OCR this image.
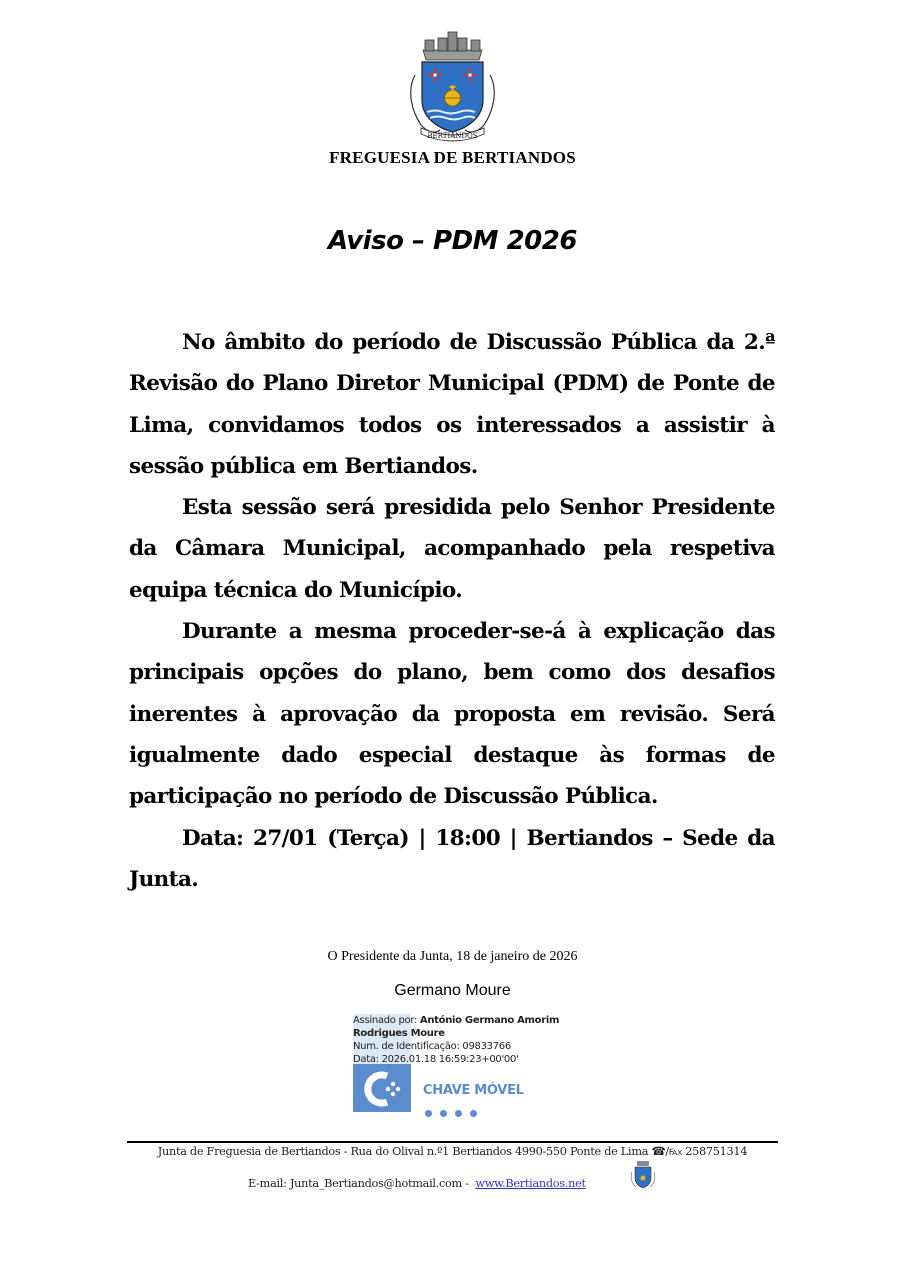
BERTIANDOS
FREGUESIA DE BERTIANDOS
Aviso – PDM 2026

No âmbito do período de Discussão Pública da 2.ª Revisão do Plano Diretor Municipal (PDM) de Ponte de Lima, convidamos todos os interessados a assistir à sessão pública em Bertiandos.

Esta sessão será presidida pelo Senhor Presidente da Câmara Municipal, acompanhado pela respetiva equipa técnica do Município.

Durante a mesma proceder-se-á à explicação das principais opções do plano, bem como dos desafios inerentes à aprovação da proposta em revisão. Será igualmente dado especial destaque às formas de participação no período de Discussão Pública.

Data: 27/01 (Terça) | 18:00 | Bertiandos – Sede da Junta.

O Presidente da Junta, 18 de janeiro de 2026
Germano Moure
Assinado por: António Germano Amorim
Rodrigues Moure
Num. de Identificação: 09833766
Data: 2026.01.18 16:59:23+00'00'
CHAVE MÓVEL
Junta de Freguesia de Bertiandos - Rua do Olival n.º1 Bertiandos 4990-550 Ponte de Lima ☎/℻ 258751314
E-mail: Junta_Bertiandos@hotmail.com - www.Bertiandos.net
